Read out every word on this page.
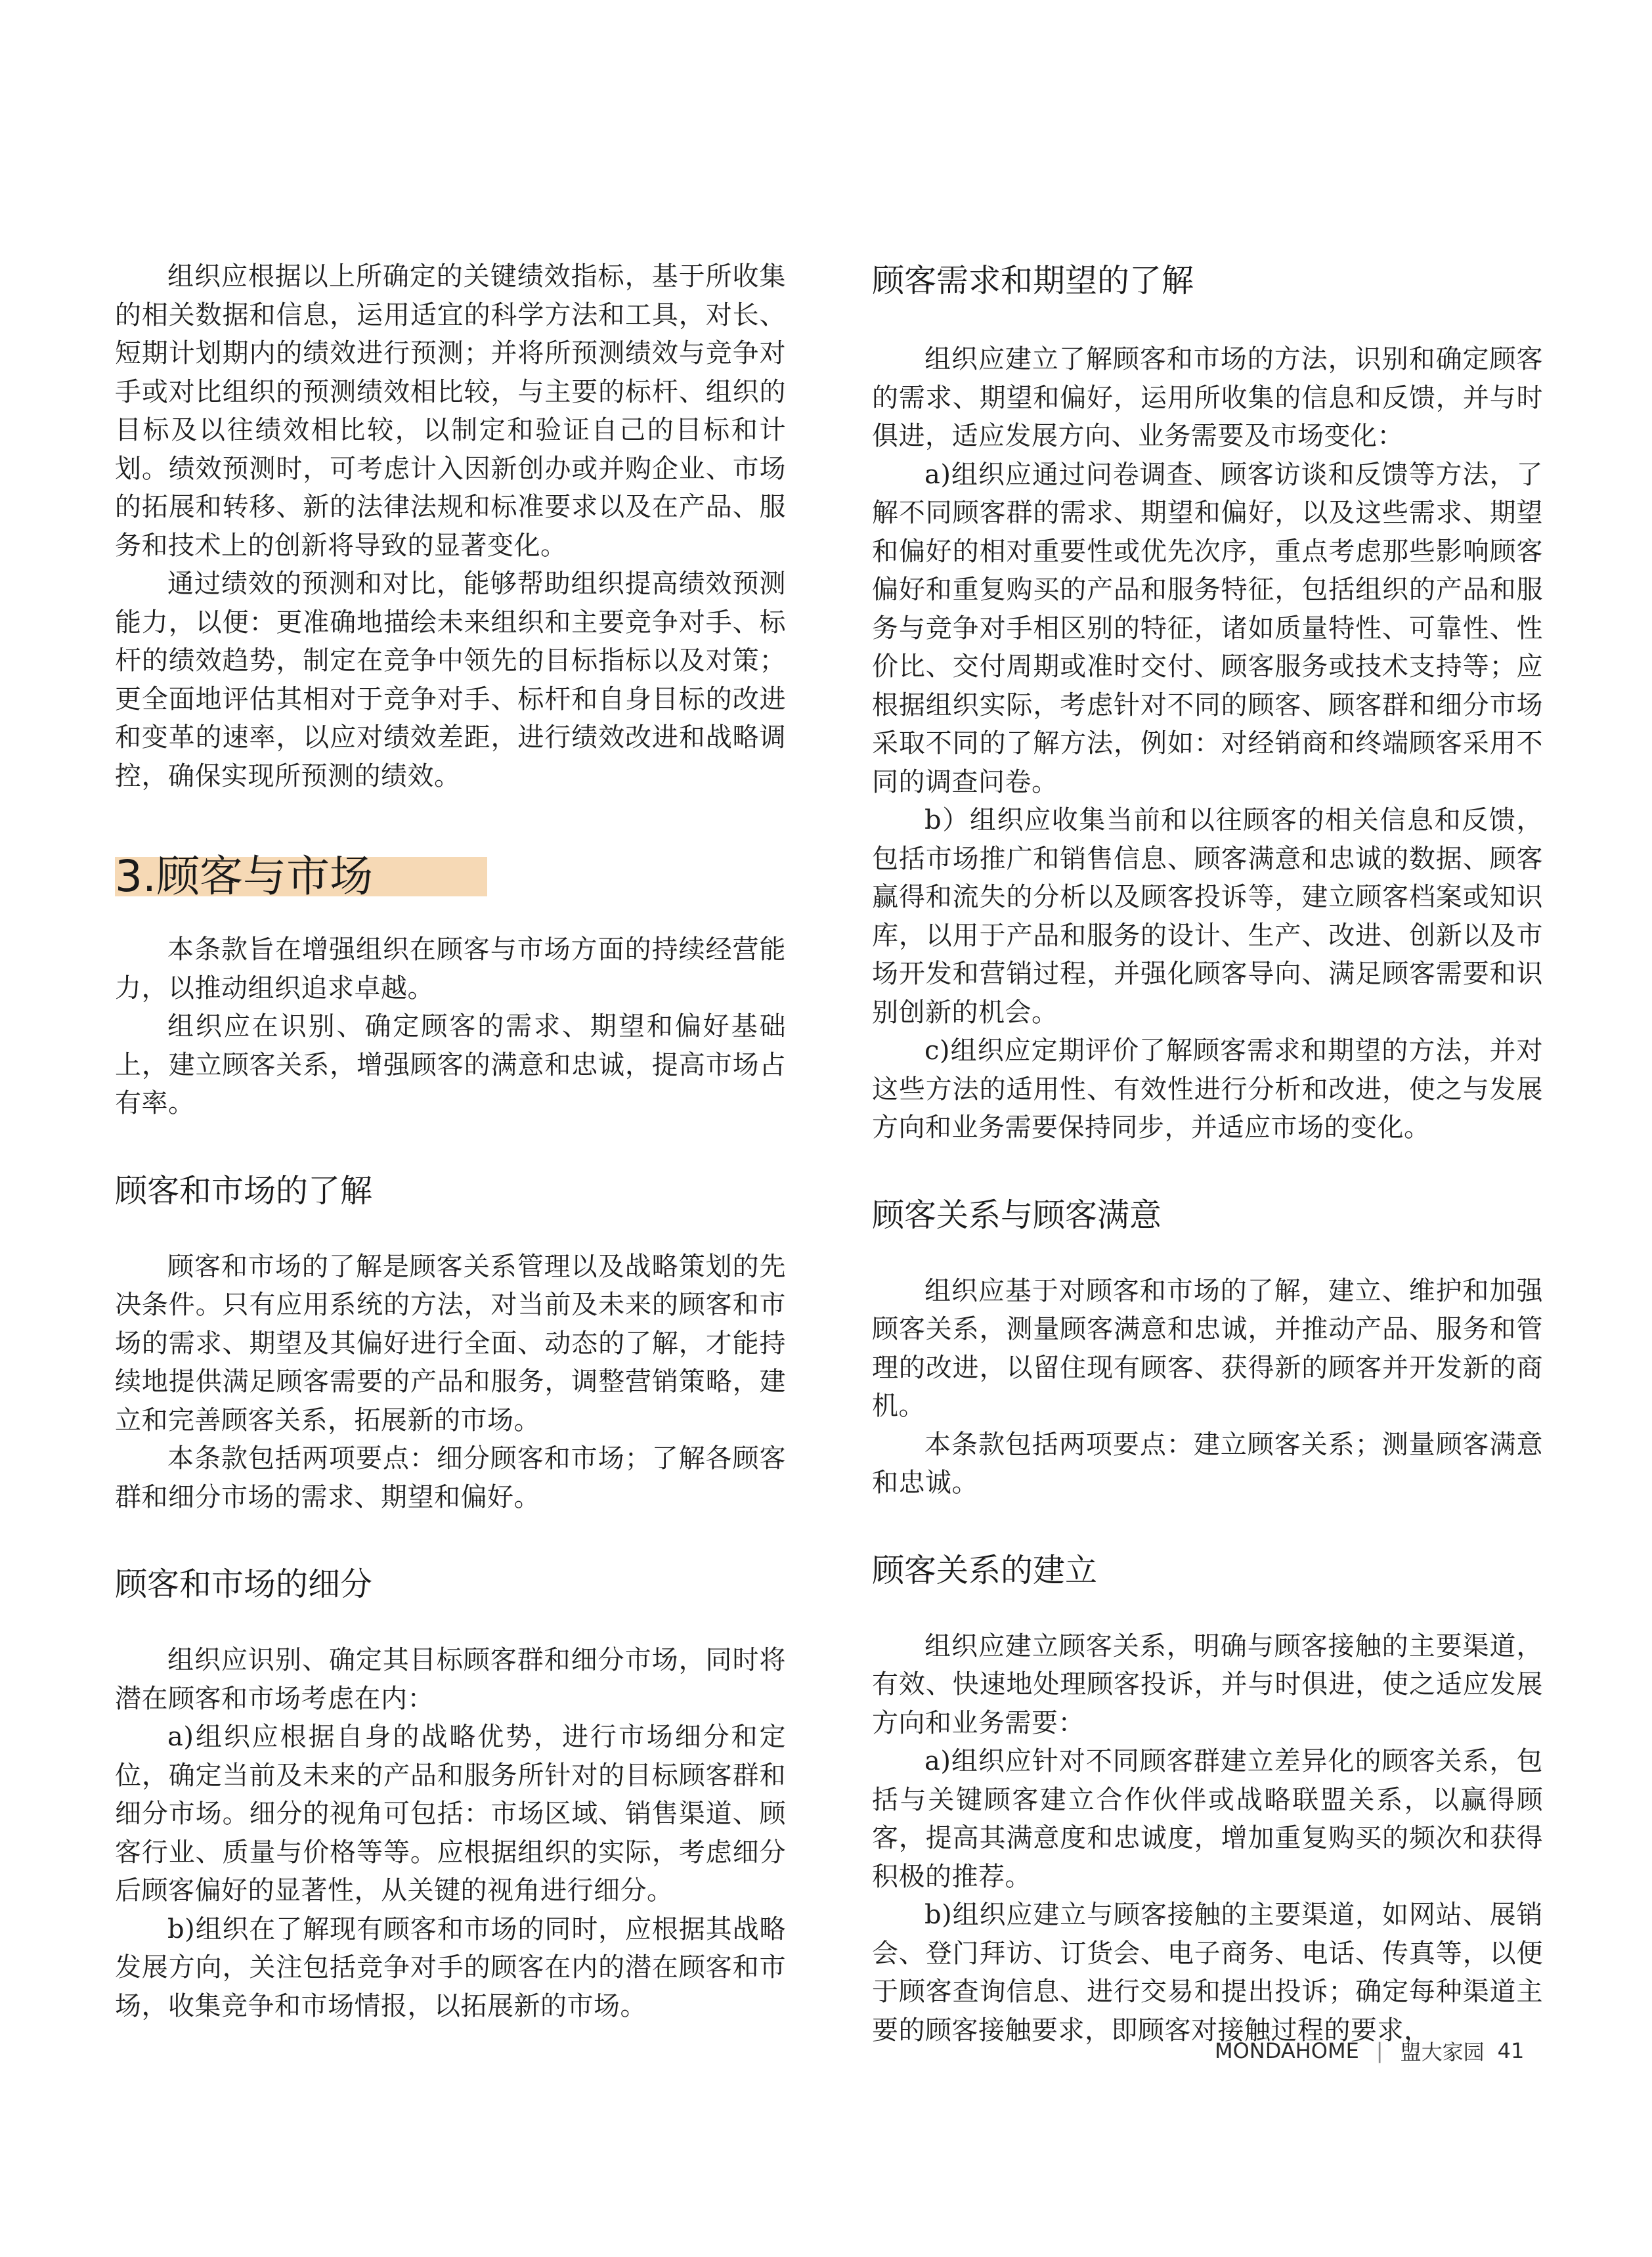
组织应根据以上所确定的关键绩效指标，基于所收集的相关数据和信息，运用适宜的科学方法和工具，对长、短期计划期内的绩效进行预测；并将所预测绩效与竞争对手或对比组织的预测绩效相比较，与主要的标杆、组织的目标及以往绩效相比较，以制定和验证自己的目标和计划。绩效预测时，可考虑计入因新创办或并购企业、市场的拓展和转移、新的法律法规和标准要求以及在产品、服务和技术上的创新将导致的显著变化。

通过绩效的预测和对比，能够帮助组织提高绩效预测能力，以便：更准确地描绘未来组织和主要竞争对手、标杆的绩效趋势，制定在竞争中领先的目标指标以及对策；更全面地评估其相对于竞争对手、标杆和自身目标的改进和变革的速率，以应对绩效差距，进行绩效改进和战略调控，确保实现所预测的绩效。

3.顾客与市场

本条款旨在增强组织在顾客与市场方面的持续经营能力，以推动组织追求卓越。

组织应在识别、确定顾客的需求、期望和偏好基础上，建立顾客关系，增强顾客的满意和忠诚，提高市场占有率。

顾客和市场的了解

顾客和市场的了解是顾客关系管理以及战略策划的先决条件。只有应用系统的方法，对当前及未来的顾客和市场的需求、期望及其偏好进行全面、动态的了解，才能持续地提供满足顾客需要的产品和服务，调整营销策略，建立和完善顾客关系，拓展新的市场。

本条款包括两项要点：细分顾客和市场；了解各顾客群和细分市场的需求、期望和偏好。

顾客和市场的细分

组织应识别、确定其目标顾客群和细分市场，同时将潜在顾客和市场考虑在内：

a)组织应根据自身的战略优势，进行市场细分和定位，确定当前及未来的产品和服务所针对的目标顾客群和细分市场。细分的视角可包括：市场区域、销售渠道、顾客行业、质量与价格等等。应根据组织的实际，考虑细分后顾客偏好的显著性，从关键的视角进行细分。

b)组织在了解现有顾客和市场的同时，应根据其战略发展方向，关注包括竞争对手的顾客在内的潜在顾客和市场，收集竞争和市场情报，以拓展新的市场。

顾客需求和期望的了解

组织应建立了解顾客和市场的方法，识别和确定顾客的需求、期望和偏好，运用所收集的信息和反馈，并与时俱进，适应发展方向、业务需要及市场变化：

a)组织应通过问卷调查、顾客访谈和反馈等方法，了解不同顾客群的需求、期望和偏好，以及这些需求、期望和偏好的相对重要性或优先次序，重点考虑那些影响顾客偏好和重复购买的产品和服务特征，包括组织的产品和服务与竞争对手相区别的特征，诸如质量特性、可靠性、性价比、交付周期或准时交付、顾客服务或技术支持等；应根据组织实际，考虑针对不同的顾客、顾客群和细分市场采取不同的了解方法，例如：对经销商和终端顾客采用不同的调查问卷。

b）组织应收集当前和以往顾客的相关信息和反馈，包括市场推广和销售信息、顾客满意和忠诚的数据、顾客赢得和流失的分析以及顾客投诉等，建立顾客档案或知识库，以用于产品和服务的设计、生产、改进、创新以及市场开发和营销过程，并强化顾客导向、满足顾客需要和识别创新的机会。

c)组织应定期评价了解顾客需求和期望的方法，并对这些方法的适用性、有效性进行分析和改进，使之与发展方向和业务需要保持同步，并适应市场的变化。

顾客关系与顾客满意

组织应基于对顾客和市场的了解，建立、维护和加强顾客关系，测量顾客满意和忠诚，并推动产品、服务和管理的改进，以留住现有顾客、获得新的顾客并开发新的商机。

本条款包括两项要点：建立顾客关系；测量顾客满意和忠诚。

顾客关系的建立

组织应建立顾客关系，明确与顾客接触的主要渠道，有效、快速地处理顾客投诉，并与时俱进，使之适应发展方向和业务需要：

a)组织应针对不同顾客群建立差异化的顾客关系，包括与关键顾客建立合作伙伴或战略联盟关系，以赢得顾客，提高其满意度和忠诚度，增加重复购买的频次和获得积极的推荐。

b)组织应建立与顾客接触的主要渠道，如网站、展销会、登门拜访、订货会、电子商务、电话、传真等，以便于顾客查询信息、进行交易和提出投诉；确定每种渠道主要的顾客接触要求，即顾客对接触过程的要求，

MONDAHOME | 盟大家园 41
